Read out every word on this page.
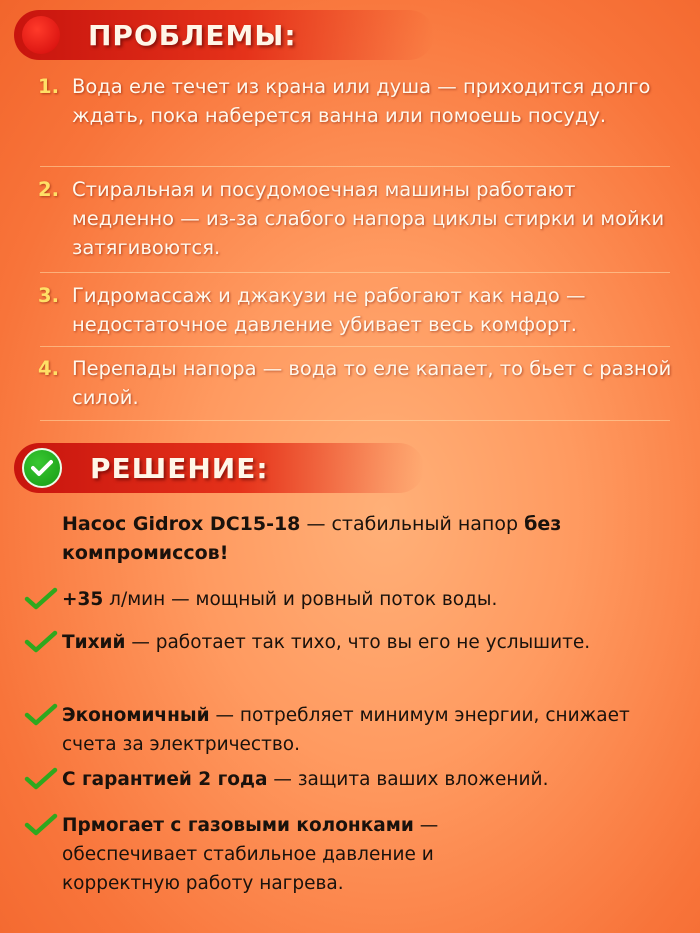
ПРОБЛЕМЫ:
1. Вода еле течет из крана или душа — приходится долго ждать, пока наберется ванна или помоешь посуду.
2. Стиральная и посудомоечная машины работают медленно — из-за слабого напора циклы стирки и мойки затягивоются.
3. Гидромассаж и джакузи не рабогают как надо — недостаточное давление убивает весь комфорт.
4. Перепады напора — вода то еле капает, то бьет с разной силой.
РЕШЕНИЕ:
Насос Gidrox DC15-18 — стабильный напор без компромиссов!
+35 л/мин — мощный и ровный поток воды.
Тихий — работает так тихо, что вы его не услышите.
Экономичный — потребляет минимум энергии, снижает счета за электричество.
С гарантией 2 года — защита ваших вложений.
Прмогает с газовыми колонками — обеспечивает стабильное давление и корректную работу нагрева.
